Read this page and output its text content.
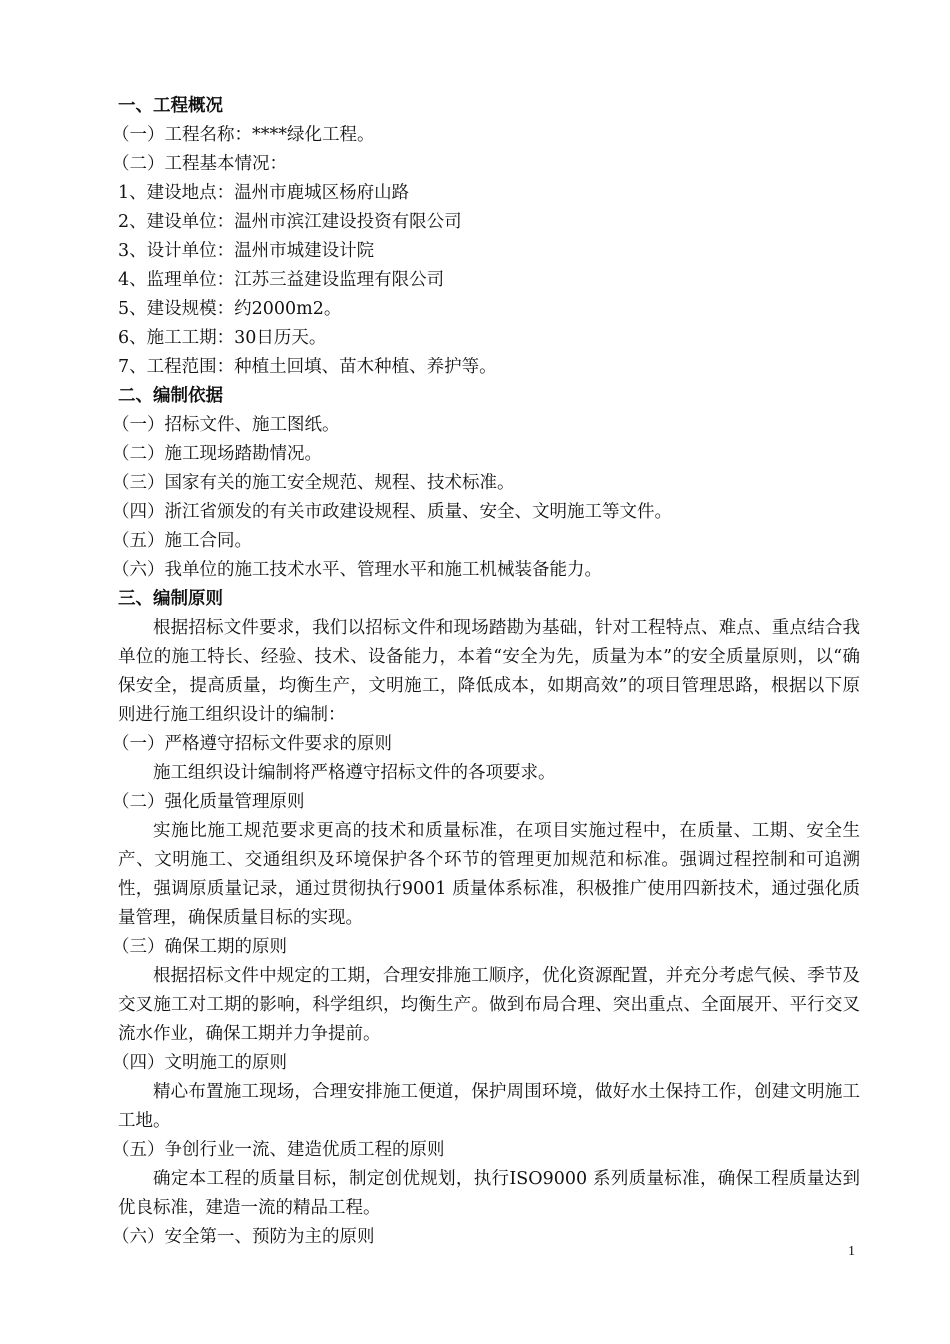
一、工程概况
（一）工程名称：****绿化工程。
（二）工程基本情况：
1、建设地点：温州市鹿城区杨府山路
2、建设单位：温州市滨江建设投资有限公司
3、设计单位：温州市城建设计院
4、监理单位：江苏三益建设监理有限公司
5、建设规模：约2000m2。
6、施工工期：30日历天。
7、工程范围：种植土回填、苗木种植、养护等。
二、编制依据
（一）招标文件、施工图纸。
（二）施工现场踏勘情况。
（三）国家有关的施工安全规范、规程、技术标准。
（四）浙江省颁发的有关市政建设规程、质量、安全、文明施工等文件。
（五）施工合同。
（六）我单位的施工技术水平、管理水平和施工机械装备能力。
三、编制原则

根据招标文件要求，我们以招标文件和现场踏勘为基础，针对工程特点、难点、重点结合我单位的施工特长、经验、技术、设备能力，本着“安全为先，质量为本”的安全质量原则，以“确保安全，提高质量，均衡生产，文明施工，降低成本，如期高效”的项目管理思路，根据以下原则进行施工组织设计的编制：

（一）严格遵守招标文件要求的原则

施工组织设计编制将严格遵守招标文件的各项要求。

（二）强化质量管理原则

实施比施工规范要求更高的技术和质量标准，在项目实施过程中，在质量、工期、安全生产、文明施工、交通组织及环境保护各个环节的管理更加规范和标准。强调过程控制和可追溯性，强调原质量记录，通过贯彻执行9001 质量体系标准，积极推广使用四新技术，通过强化质量管理，确保质量目标的实现。

（三）确保工期的原则

根据招标文件中规定的工期，合理安排施工顺序，优化资源配置，并充分考虑气候、季节及交叉施工对工期的影响，科学组织，均衡生产。做到布局合理、突出重点、全面展开、平行交叉流水作业，确保工期并力争提前。

（四）文明施工的原则

精心布置施工现场，合理安排施工便道，保护周围环境，做好水土保持工作，创建文明施工工地。

（五）争创行业一流、建造优质工程的原则

确定本工程的质量目标，制定创优规划，执行ISO9000 系列质量标准，确保工程质量达到优良标准，建造一流的精品工程。

（六）安全第一、预防为主的原则
1
